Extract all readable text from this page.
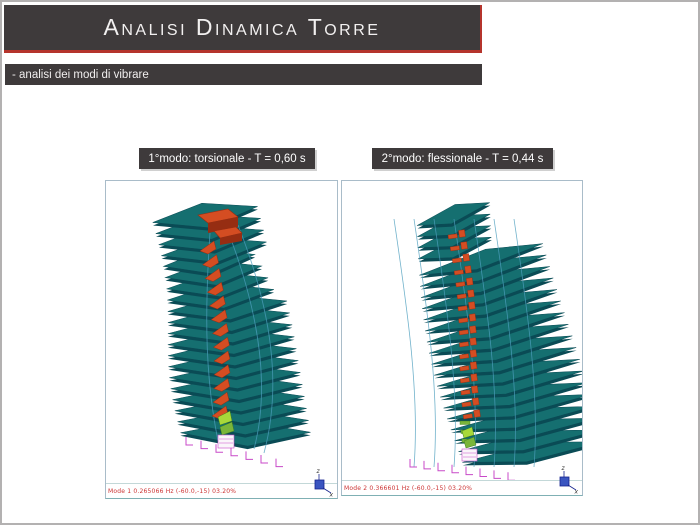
Analisi Dinamica Torre
- analisi dei modi di vibrare
1°modo: torsionale - T = 0,60 s	2°modo: flessionale - T = 0,44 s
Mode 1 0.265066 Hz (-60.0,-15) 03.20%
z
x
Mode 2 0.366601 Hz (-60.0,-15) 03.20%
z
x
